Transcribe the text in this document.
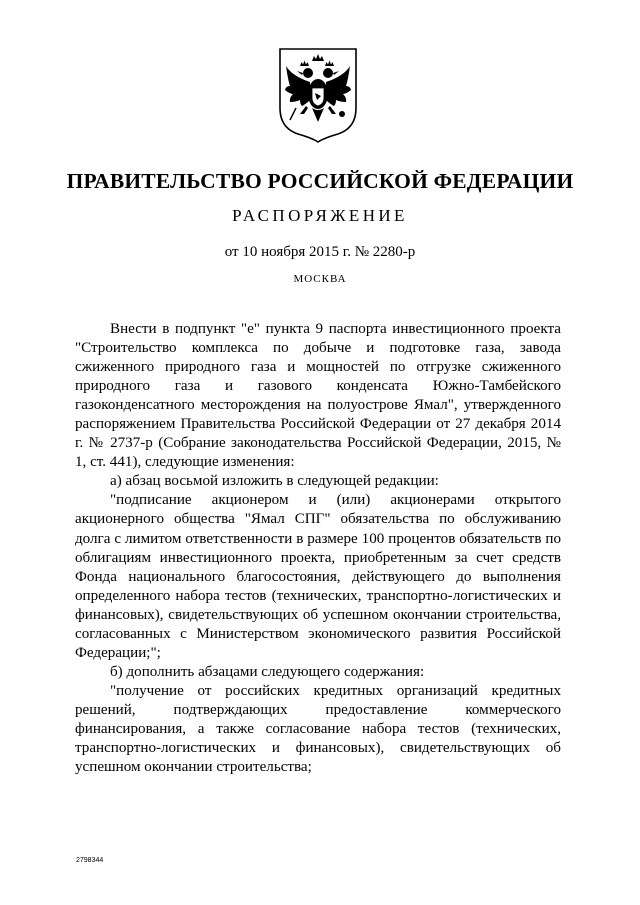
ПРАВИТЕЛЬСТВО РОССИЙСКОЙ ФЕДЕРАЦИИ
РАСПОРЯЖЕНИЕ
от 10 ноября 2015 г. № 2280-р
МОСКВА

Внести в подпункт "е" пункта 9 паспорта инвестиционного проекта "Строительство комплекса по добыче и подготовке газа, завода сжиженного природного газа и мощностей по отгрузке сжиженного природного газа и газового конденсата Южно-Тамбейского газоконденсатного месторождения на полуострове Ямал", утвержденного распоряжением Правительства Российской Федерации от 27 декабря 2014 г. № 2737-р (Собрание законодательства Российской Федерации, 2015, № 1, ст. 441), следующие изменения:

а) абзац восьмой изложить в следующей редакции:

"подписание акционером и (или) акционерами открытого акционерного общества "Ямал СПГ" обязательства по обслуживанию долга с лимитом ответственности в размере 100 процентов обязательств по облигациям инвестиционного проекта, приобретенным за счет средств Фонда национального благосостояния, действующего до выполнения определенного набора тестов (технических, транспортно-логистических и финансовых), свидетельствующих об успешном окончании строительства, согласованных с Министерством экономического развития Российской Федерации;";

б) дополнить абзацами следующего содержания:

"получение от российских кредитных организаций кредитных решений, подтверждающих предоставление коммерческого финансирования, а также согласование набора тестов (технических, транспортно-логистических и финансовых), свидетельствующих об успешном окончании строительства;

2798344
